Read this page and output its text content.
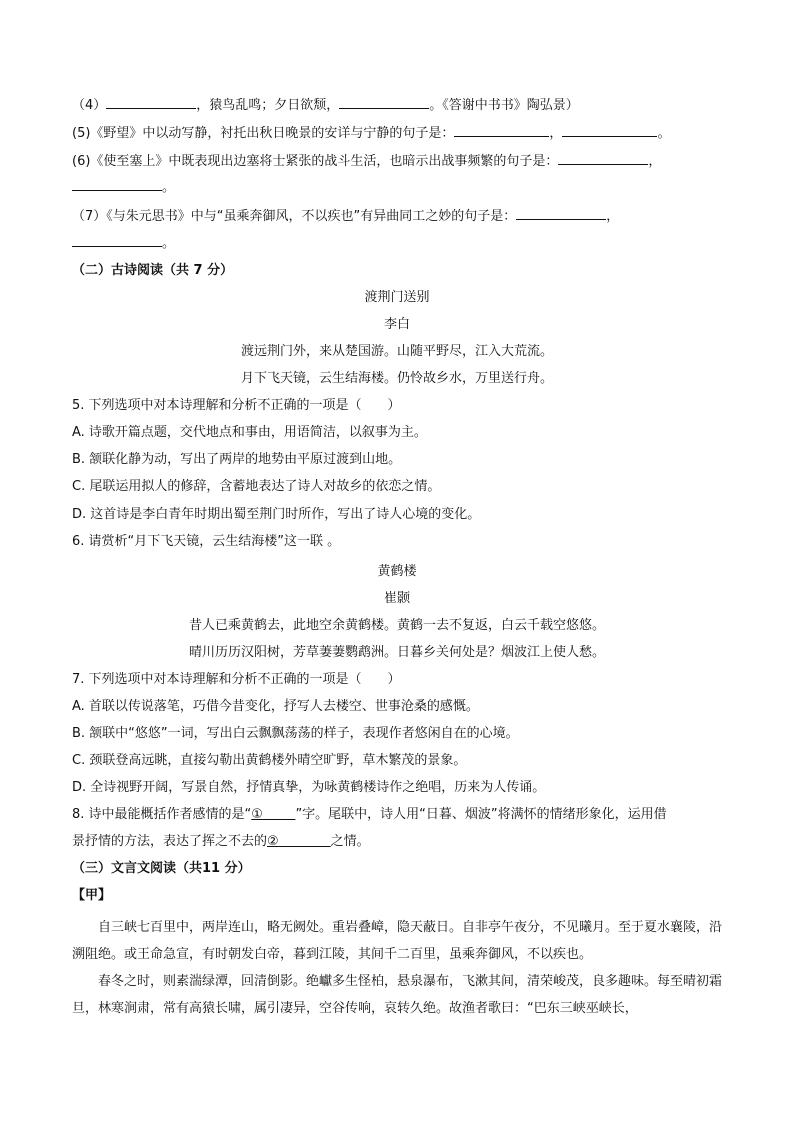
（4）	，猿鸟乱鸣；夕日欲颓，	。《答谢中书书》陶弘景）
(5)《野望》中以动写静，衬托出秋日晚景的安详与宁静的句子是：	，	。
(6)《使至塞上》中既表现出边塞将士紧张的战斗生活，也暗示出战事频繁的句子是：	，
。
（7）《与朱元思书》中与“虽乘奔御风，不以疾也”有异曲同工之妙的句子是：	，
。
（二）古诗阅读（共 7 分）
渡荆门送别
李白
渡远荆门外，来从楚国游。山随平野尽，江入大荒流。
月下飞天镜，云生结海楼。仍怜故乡水，万里送行舟。
5. 下列选项中对本诗理解和分析不正确的一项是（　　）
A. 诗歌开篇点题，交代地点和事由，用语简洁，以叙事为主。
B. 颔联化静为动，写出了两岸的地势由平原过渡到山地。
C. 尾联运用拟人的修辞，含蓄地表达了诗人对故乡的依恋之情。
D. 这首诗是李白青年时期出蜀至荆门时所作，写出了诗人心境的变化。
6. 请赏析“月下飞天镜，云生结海楼”这一联 。
黄鹤楼
崔颢
昔人已乘黄鹤去，此地空余黄鹤楼。黄鹤一去不复返，白云千载空悠悠。
晴川历历汉阳树，芳草萋萋鹦鹉洲。日暮乡关何处是？烟波江上使人愁。
7. 下列选项中对本诗理解和分析不正确的一项是（　　）
A. 首联以传说落笔，巧借今昔变化，抒写人去楼空、世事沧桑的感慨。
B. 颔联中“悠悠”一词，写出白云飘飘荡荡的样子，表现作者悠闲自在的心境。
C. 颈联登高远眺，直接勾勒出黄鹤楼外晴空旷野，草木繁茂的景象。
D. 全诗视野开阔，写景自然，抒情真挚，为咏黄鹤楼诗作之绝唱，历来为人传诵。
8. 诗中最能概括作者感情的是“①   	”字。尾联中，诗人用“日暮、烟波”将满怀的情绪形象化，运用借
景抒情的方法，表达了挥之不去的②    	之情。
（三）文言文阅读（共11 分）
【甲】
自三峡七百里中，两岸连山，略无阙处。重岩叠嶂，隐天蔽日。自非亭午夜分，不见曦月。至于夏水襄陵，沿溯阻绝。或王命急宣，有时朝发白帝，暮到江陵，其间千二百里，虽乘奔御风，不以疾也。
春冬之时，则素湍绿潭，回清倒影。绝巘多生怪柏，悬泉瀑布，飞漱其间，清荣峻茂，良多趣味。每至晴初霜旦，林寒涧肃，常有高猿长啸，属引凄异，空谷传响，哀转久绝。故渔者歌曰：“巴东三峡巫峡长，
